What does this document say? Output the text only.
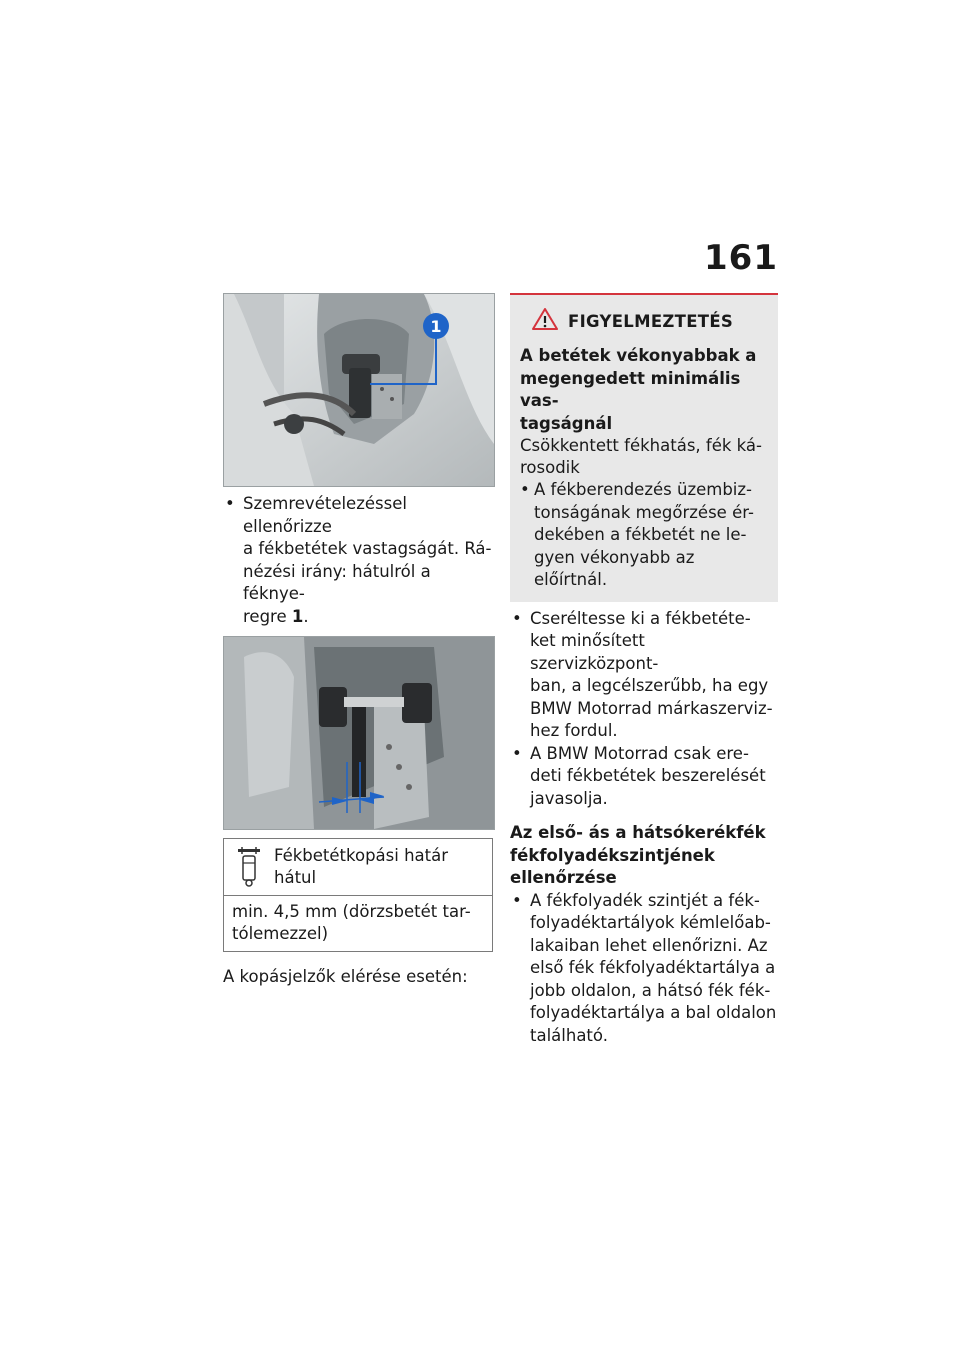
161
1
• Szemrevételezéssel ellenőrizze
a fékbetétek vastagságát. Rá-
nézési irány: hátulról a féknye-
regre 1.
Fékbetétkopási határ
hátul
min. 4,5 mm (dörzsbetét tar-
tólemezzel)
A kopásjelzők elérése esetén:
FIGYELMEZTETÉS
A betétek vékonyabbak a
megengedett minimális vas-
tagságnál
Csökkentett fékhatás, fék ká-
rosodik
• A fékberendezés üzembiz-
tonságának megőrzése ér-
dekében a fékbetét ne le-
gyen vékonyabb az előírtnál.
• Cseréltesse ki a fékbetéte-
ket minősített szervizközpont-
ban, a legcélszerűbb, ha egy
BMW Motorrad márkaszerviz-
hez fordul.
• A BMW Motorrad csak ere-
deti fékbetétek beszerelését
javasolja.
Az első- ás a hátsókerékfék
fékfolyadékszintjének
ellenőrzése
• A fékfolyadék szintjét a fék-
folyadéktartályok kémlelőab-
lakaiban lehet ellenőrizni. Az
első fék fékfolyadéktartálya a
jobb oldalon, a hátsó fék fék-
folyadéktartálya a bal oldalon
található.
